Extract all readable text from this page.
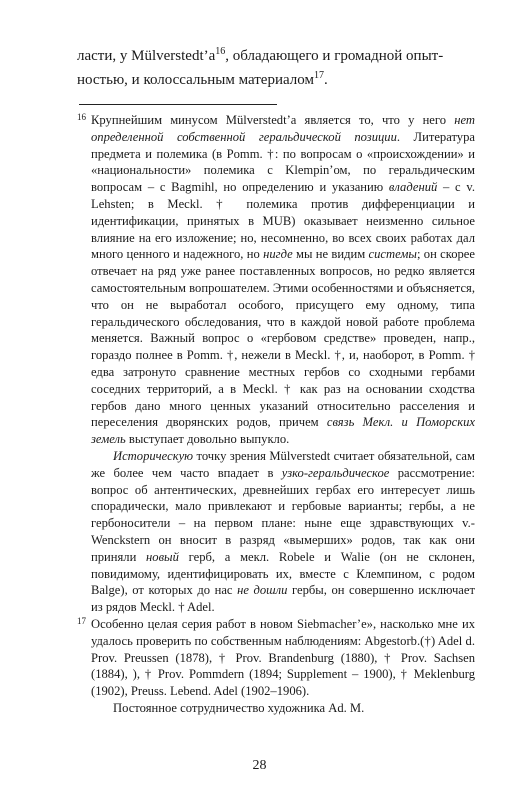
ласти, у $Mülverstedt’a^{16}$, обладающего и громадной опыт-

ностью, и колоссальным материалом$^{17}$.

16 Крупнейшим минусом Mülverstedt’a является то, что у него нет определенной собственной геральдической позиции. Литература предмета и полемика (в Pomm. †: по вопросам о «происхождении» и «национальности» полемика с Klempin’ом, по геральдическим вопросам – с Bagmihl, но определению и указанию владений – с v. Lehsten; в Meckl. † полемика против дифференциации и идентификации, принятых в MUB) оказывает неизменно сильное влияние на его изложение; но, несомненно, во всех своих работах дал много ценного и надежного, но нигде мы не видим системы; он скорее отвечает на ряд уже ранее поставленных вопросов, но редко является самостоятельным вопрошателем. Этими особенностями и объясняется, что он не выработал особого, присущего ему одному, типа геральдического обследования, что в каждой новой работе проблема меняется. Важный вопрос о «гербовом средстве» проведен, напр., гораздо полнее в Pomm. †, нежели в Meckl. †, и, наоборот, в Pomm. † едва затронуто сравнение местных гербов со сходными гербами соседних территорий, а в Meckl. † как раз на основании сходства гербов дано много ценных указаний относительно расселения и переселения дворянских родов, причем связь Мекл. и Поморских земель выступает довольно выпукло.

Историческую точку зрения Mülverstedt считает обязательной, сам же более чем часто впадает в узко-геральдическое рассмотрение: вопрос об антентических, древнейших гербах его интересует лишь спорадически, мало привлекают и гербовые варианты; гербы, а не гербоносители – на первом плане: ныне еще здравствующих v.-Wenckstern он вносит в разряд «вымерших» родов, так как они приняли новый герб, а мекл. Robele и Walie (он не склонен, повидимому, идентифицировать их, вместе с Клемпином, с родом Balge), от которых до нас не дошли гербы, он совершенно исключает из рядов Meckl. † Adel.

17 Особенно целая серия работ в новом Siebmacher’e», насколько мне их удалось проверить по собственным наблюдениям: Abgestorb.(†) Adel d. Prov. Preussen (1878), † Prov. Brandenburg (1880), † Prov. Sachsen (1884), ), † Prov. Pommdern (1894; Supplement – 1900), † Meklenburg (1902), Preuss. Lebend. Adel (1902–1906).

Постоянное сотрудничество художника Ad. M.

28
